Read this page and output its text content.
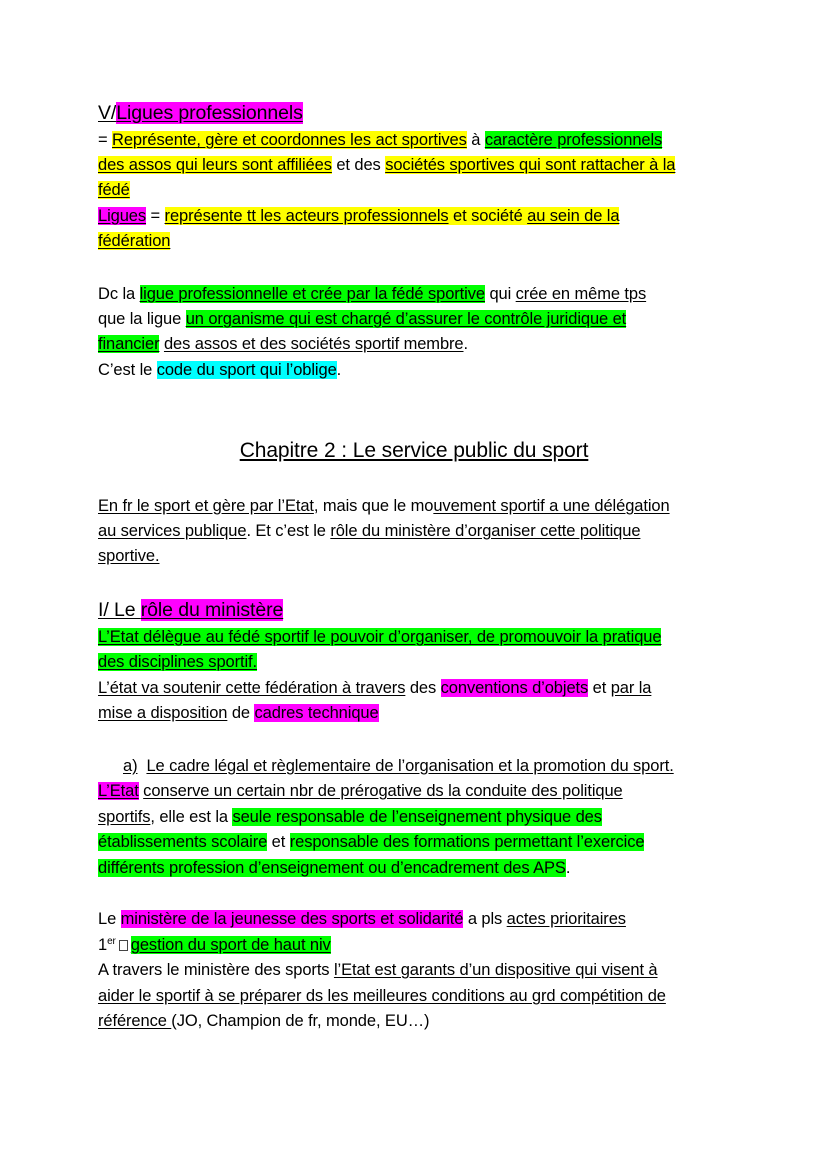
V/Ligues professionnels
= Représente, gère et coordonnes les act sportives à caractère professionnels
des assos qui leurs sont affiliées et des sociétés sportives qui sont rattacher à la
fédé
Ligues = représente tt les acteurs professionnels et société au sein de la
fédération
Dc la ligue professionnelle et crée par la fédé sportive qui crée en même tps
que la ligue un organisme qui est chargé d’assurer le contrôle juridique et
financier des assos et des sociétés sportif membre.
C’est le code du sport qui l’oblige.
Chapitre 2 : Le service public du sport
En fr le sport et gère par l’Etat, mais que le mouvement sportif a une délégation
au services publique. Et c’est le rôle du ministère d’organiser cette politique
sportive.
I/ Le rôle du ministère
L’Etat délègue au fédé sportif le pouvoir d’organiser, de promouvoir la pratique
des disciplines sportif.
L’état va soutenir cette fédération à travers des conventions d’objets et par la
mise a disposition de cadres technique
a) Le cadre légal et règlementaire de l’organisation et la promotion du sport.
L’Etat conserve un certain nbr de prérogative ds la conduite des politique
sportifs, elle est la seule responsable de l’enseignement physique des
établissements scolaire et responsable des formations permettant l’exercice
différents profession d’enseignement ou d’encadrement des APS.
Le ministère de la jeunesse des sports et solidarité a pls actes prioritaires
1er gestion du sport de haut niv
A travers le ministère des sports l’Etat est garants d’un dispositive qui visent à
aider le sportif à se préparer ds les meilleures conditions au grd compétition de
référence (JO, Champion de fr, monde, EU…)
